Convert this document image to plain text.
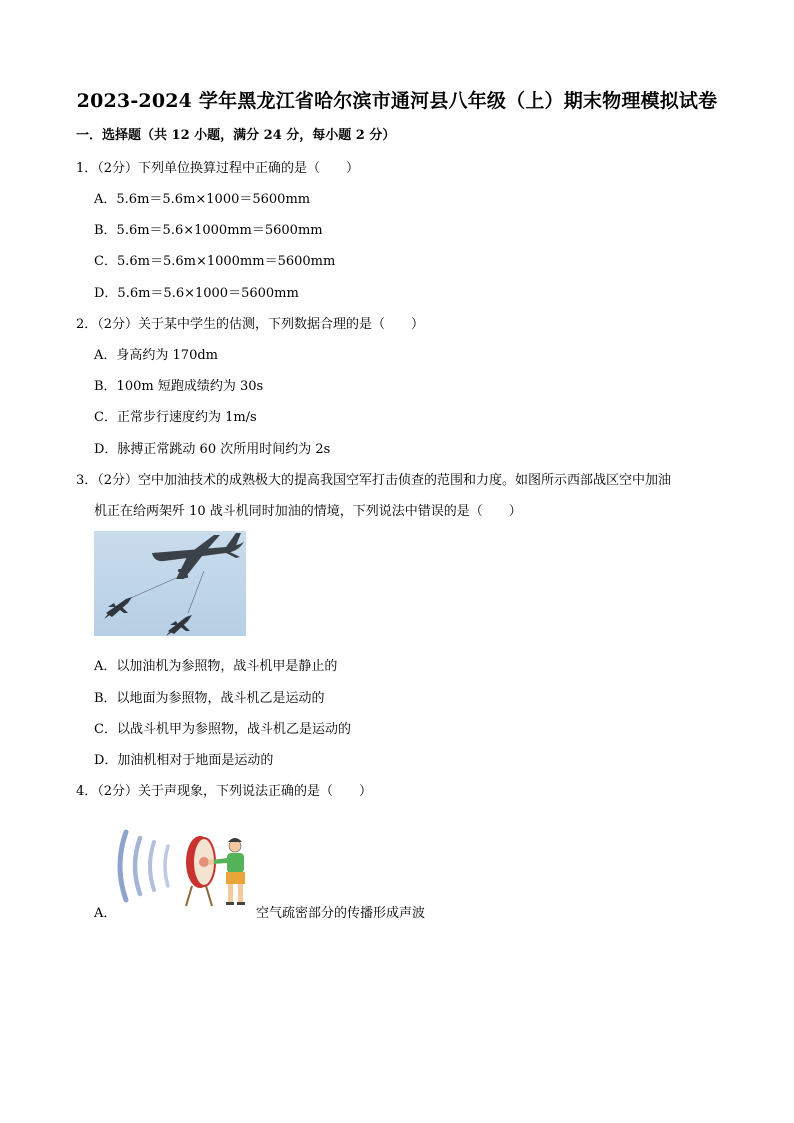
2023-2024 学年黑龙江省哈尔滨市通河县八年级（上）期末物理模拟试卷
一．选择题（共 12 小题，满分 24 分，每小题 2 分）
1．（2分）下列单位换算过程中正确的是（　　）
A．5.6m＝5.6m×1000＝5600mm
B．5.6m＝5.6×1000mm＝5600mm
C．5.6m＝5.6m×1000mm＝5600mm
D．5.6m＝5.6×1000＝5600mm
2．（2分）关于某中学生的估测，下列数据合理的是（　　）
A．身高约为 170dm
B．100m 短跑成绩约为 30s
C．正常步行速度约为 1m/s
D．脉搏正常跳动 60 次所用时间约为 2s
3．（2分）空中加油技术的成熟极大的提高我国空军打击侦查的范围和力度。如图所示西部战区空中加油
机正在给两架歼 10 战斗机同时加油的情境，下列说法中错误的是（　　）
A．以加油机为参照物，战斗机甲是静止的
B．以地面为参照物，战斗机乙是运动的
C．以战斗机甲为参照物，战斗机乙是运动的
D．加油机相对于地面是运动的
4．（2分）关于声现象，下列说法正确的是（　　）
A．	空气疏密部分的传播形成声波
